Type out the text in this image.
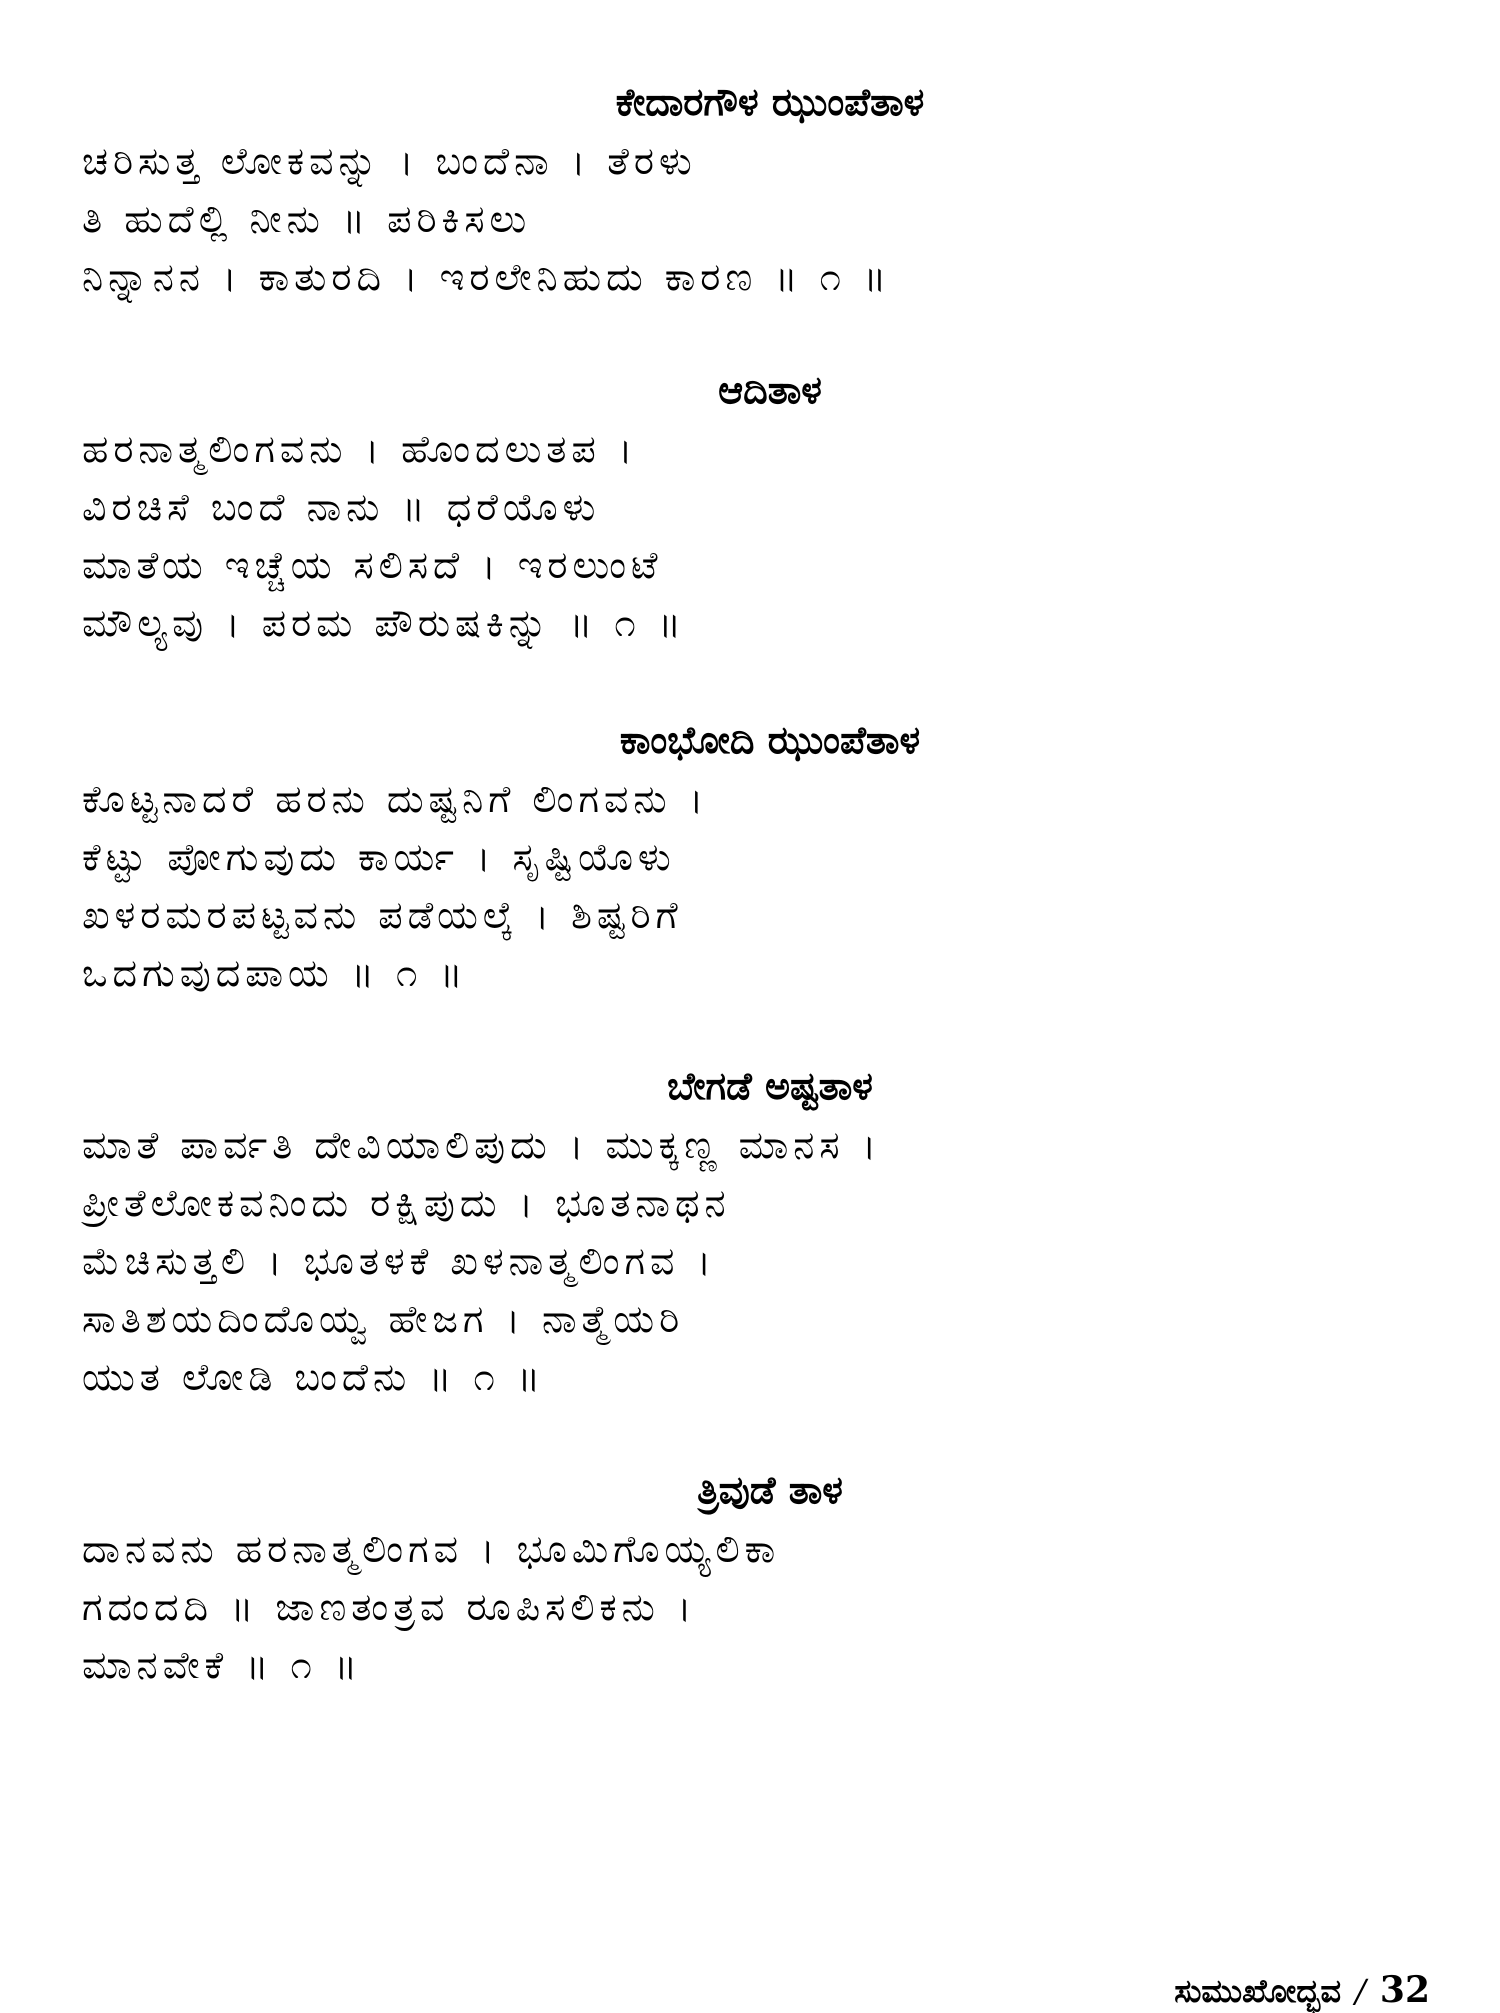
ಕೇದಾರಗೌಳ ಝುಂಪೆತಾಳ

ಚರಿಸುತ್ತ ಲೋಕವನ್ನು । ಬಂದೆನಾ । ತೆರಳು

ತಿ ಹುದೆಲ್ಲಿ ನೀನು ॥ ಪರಿಕಿಸಲು

ನಿನ್ನಾನನ । ಕಾತುರದಿ । ಇರಲೇನಿಹುದು ಕಾರಣ ॥ ೧ ॥

ಆದಿತಾಳ

ಹರನಾತ್ಮಲಿಂಗವನು । ಹೊಂದಲುತಪ ।

ವಿರಚಿಸೆ ಬಂದೆ ನಾನು ॥ ಧರೆಯೊಳು

ಮಾತೆಯ ಇಚ್ಚೆಯ ಸಲಿಸದೆ । ಇರಲುಂಟೆ

ಮೌಲ್ಯವು । ಪರಮ ಪೌರುಷಕಿನ್ನು ॥ ೧ ॥

ಕಾಂಭೋದಿ ಝುಂಪೆತಾಳ

ಕೊಟ್ಟನಾದರೆ ಹರನು ದುಷ್ಟನಿಗೆ ಲಿಂಗವನು ।

ಕೆಟ್ಟು ಪೋಗುವುದು ಕಾರ್ಯ । ಸೃಷ್ಟಿಯೊಳು

ಖಳರಮರಪಟ್ಟವನು ಪಡೆಯಲ್ಕೆ । ಶಿಷ್ಟರಿಗೆ

ಒದಗುವುದಪಾಯ ॥ ೧ ॥

ಬೇಗಡೆ ಅಷ್ಟತಾಳ

ಮಾತೆ ಪಾರ್ವತಿ ದೇವಿಯಾಲಿಪುದು । ಮುಕ್ಕಣ್ಣ ಮಾನಸ ।

ಪ್ರೀತೆಲೋಕವನಿಂದು ರಕ್ಷಿಪುದು । ಭೂತನಾಥನ

ಮೆಚಿಸುತ್ತಲಿ । ಭೂತಳಕೆ ಖಳನಾತ್ಮಲಿಂಗವ ।

ಸಾತಿಶಯದಿಂದೊಯ್ವ ಹೇಜಗ । ನಾತ್ಮೆಯರಿ

ಯುತ ಲೋಡಿ ಬಂದೆನು ॥ ೧ ॥

ತ್ರಿವುಡೆ ತಾಳ

ದಾನವನು ಹರನಾತ್ಮಲಿಂಗವ । ಭೂಮಿಗೊಯ್ಯಲಿಕಾ

ಗದಂದದಿ ॥ ಜಾಣತಂತ್ರವ ರೂಪಿಸಲಿಕನು ।

ಮಾನವೇಕೆ ॥ ೧ ॥

ಸುಮುಖೋದ್ಭವ / 32
